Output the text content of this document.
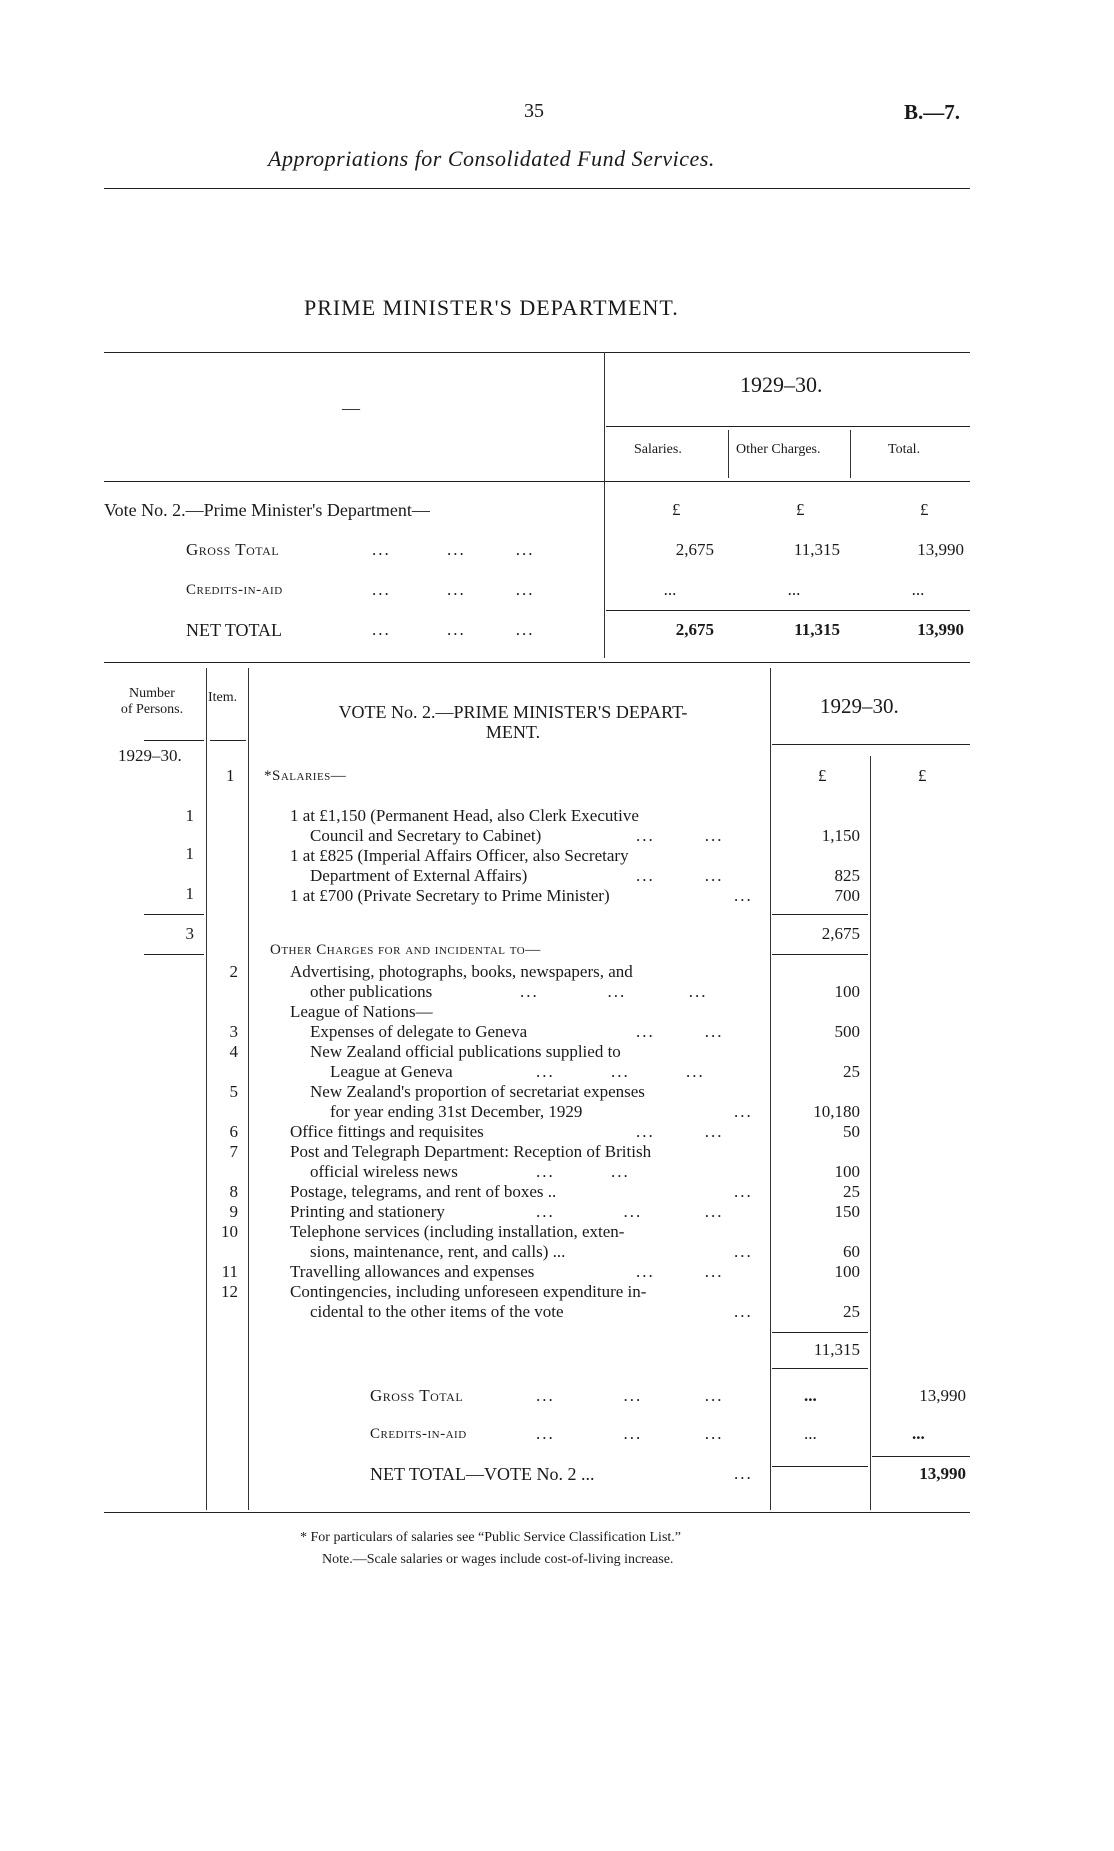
35	B.—7.
Appropriations for Consolidated Fund Services.
PRIME MINISTER'S DEPARTMENT.
—
1929–30.
Salaries.	Other Charges.	Total.
Vote No. 2.—Prime Minister's Department—	£	£	£
Gross Total	...         ...        ...	2,675	11,315	13,990
Credits-in-aid	...         ...        ...	...	...	...
NET TOTAL	...         ...        ...	2,675	11,315	13,990
Number
of Persons.
Item.
VOTE No. 2.—PRIME MINISTER'S DEPART-
MENT.
1929–30.
1929–30.
1 *Salaries—	£	£
1	1 at £1,150 (Permanent Head, also Clerk Executive
Council and Secretary to Cabinet)	...        ...	1,150
1	1 at £825 (Imperial Affairs Officer, also Secretary
Department of External Affairs)	...        ...	825
1	1 at £700 (Private Secretary to Prime Minister)	...	700
3	2,675
Other Charges for and incidental to—
2	Advertising, photographs, books, newspapers, and
other publications	...           ...          ...	100
League of Nations—
3	Expenses of delegate to Geneva	...        ...	500
4	New Zealand official publications supplied to
League at Geneva	...         ...         ...	25
5	New Zealand's proportion of secretariat expenses
for year ending 31st December, 1929	...	10,180
6	Office fittings and requisites	...        ...	50
7	Post and Telegraph Department: Reception of British
official wireless news	...         ...	100
8	Postage, telegrams, and rent of boxes ..	...	25
9	Printing and stationery	...           ...          ...	150
10	Telephone services (including installation, exten-
sions, maintenance, rent, and calls) ...	...	60
11	Travelling allowances and expenses	...        ...	100
12	Contingencies, including unforeseen expenditure in-
cidental to the other items of the vote	...	25
11,315
Gross Total	...           ...          ...	...	13,990
Credits-in-aid	...           ...          ...	...	...
NET TOTAL—VOTE No. 2 ...	...	13,990
* For particulars of salaries see “Public Service Classification List.”
Note.—Scale salaries or wages include cost-of-living increase.
